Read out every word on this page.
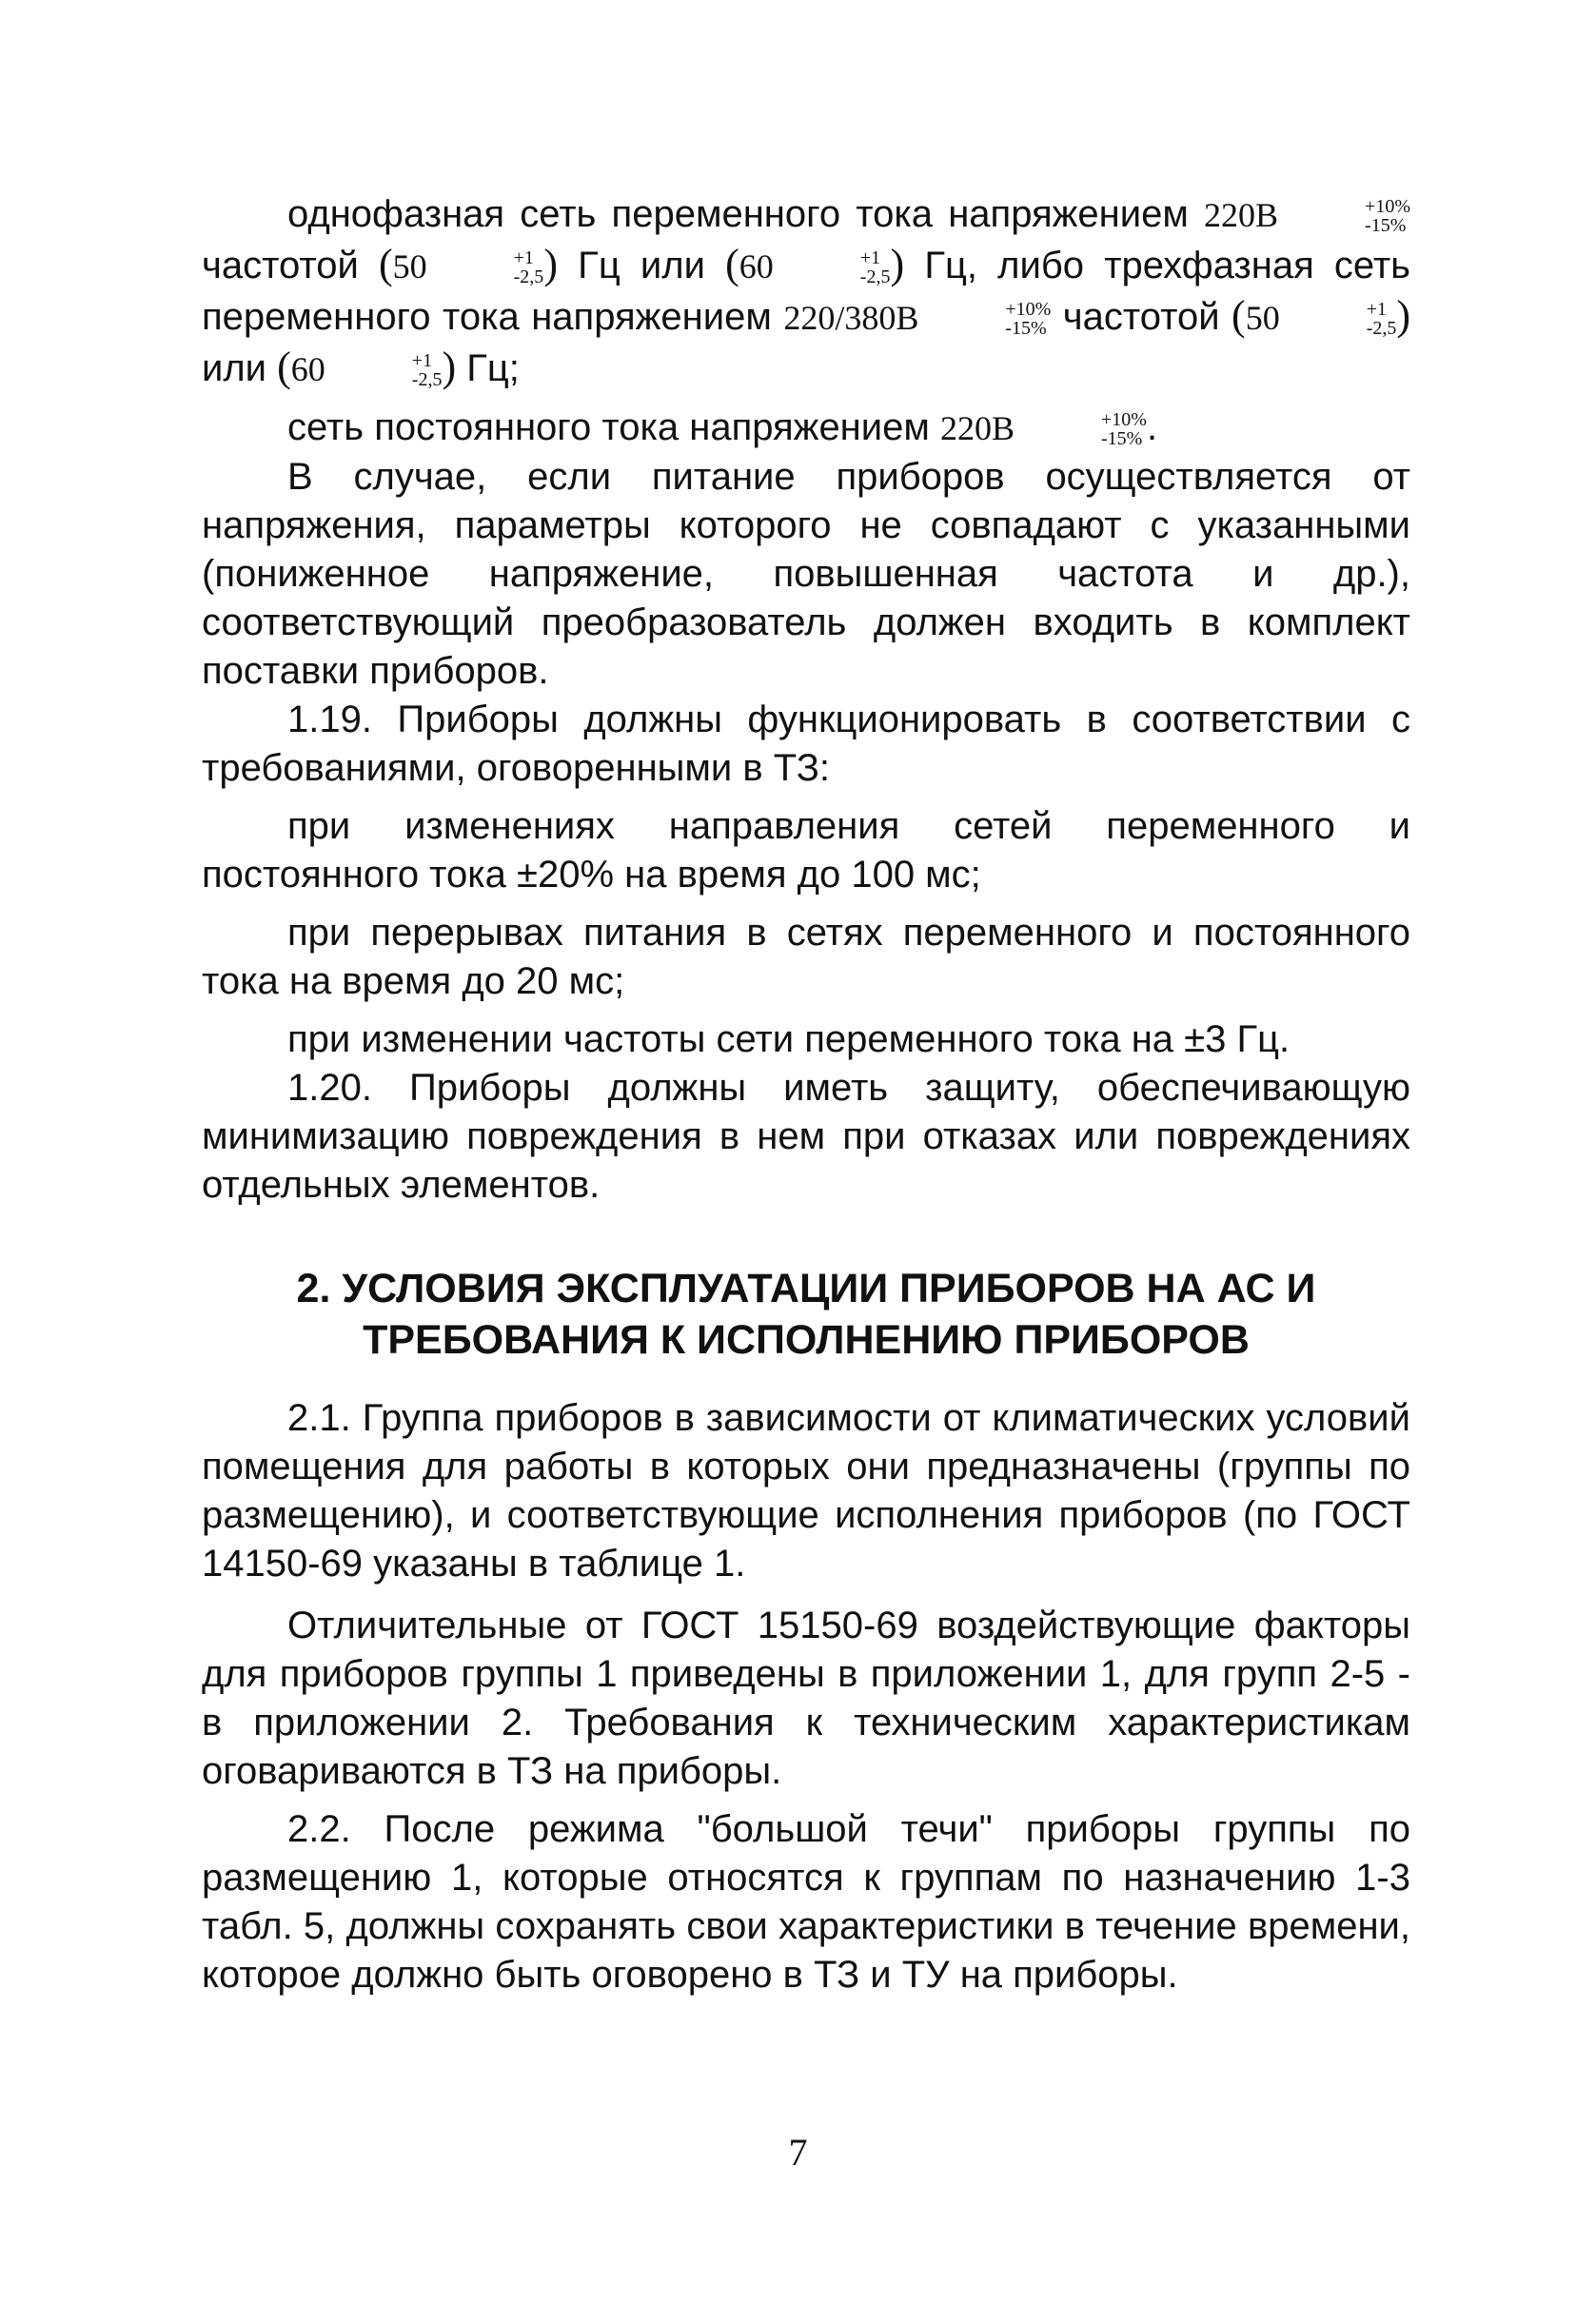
однофазная сеть переменного тока напряжением 220В	+10%
-15%
частотой (50	+1
-2,5 ) Гц или (60	+1
-2,5 ) Гц, либо трехфазная сеть переменного тока напряжением 220/380В	+10%
-15% частотой (50	+1
-2,5 ) или (60	+1
-2,5 ) Гц;

сеть постоянного тока напряжением 220В	+10%
-15% .

В случае, если питание приборов осуществляется от напряжения, параметры которого не совпадают с указанными (пониженное напряжение, повышенная частота и др.), соответствующий преобразователь должен входить в комплект поставки приборов.

1.19. Приборы должны функционировать в соответствии с требованиями, оговоренными в ТЗ:

при изменениях направления сетей переменного и постоянного тока ±20% на время до 100 мс;

при перерывах питания в сетях переменного и постоянного тока на время до 20 мс;

при изменении частоты сети переменного тока на ±3 Гц.

1.20. Приборы должны иметь защиту, обеспечивающую минимизацию повреждения в нем при отказах или повреждениях отдельных элементов.

2. УСЛОВИЯ ЭКСПЛУАТАЦИИ ПРИБОРОВ НА АС И ТРЕБОВАНИЯ К ИСПОЛНЕНИЮ ПРИБОРОВ

2.1. Группа приборов в зависимости от климатических условий помещения для работы в которых они предназначены (группы по размещению), и соответствующие исполнения приборов (по ГОСТ 14150-69 указаны в таблице 1.

Отличительные от ГОСТ 15150-69 воздействующие факторы для приборов группы 1 приведены в приложении 1, для групп 2-5 - в приложении 2. Требования к техническим характеристикам оговариваются в ТЗ на приборы.

2.2. После режима "большой течи" приборы группы по размещению 1, которые относятся к группам по назначению 1-3 табл. 5, должны сохранять свои характеристики в течение времени, которое должно быть оговорено в ТЗ и ТУ на приборы.

7
